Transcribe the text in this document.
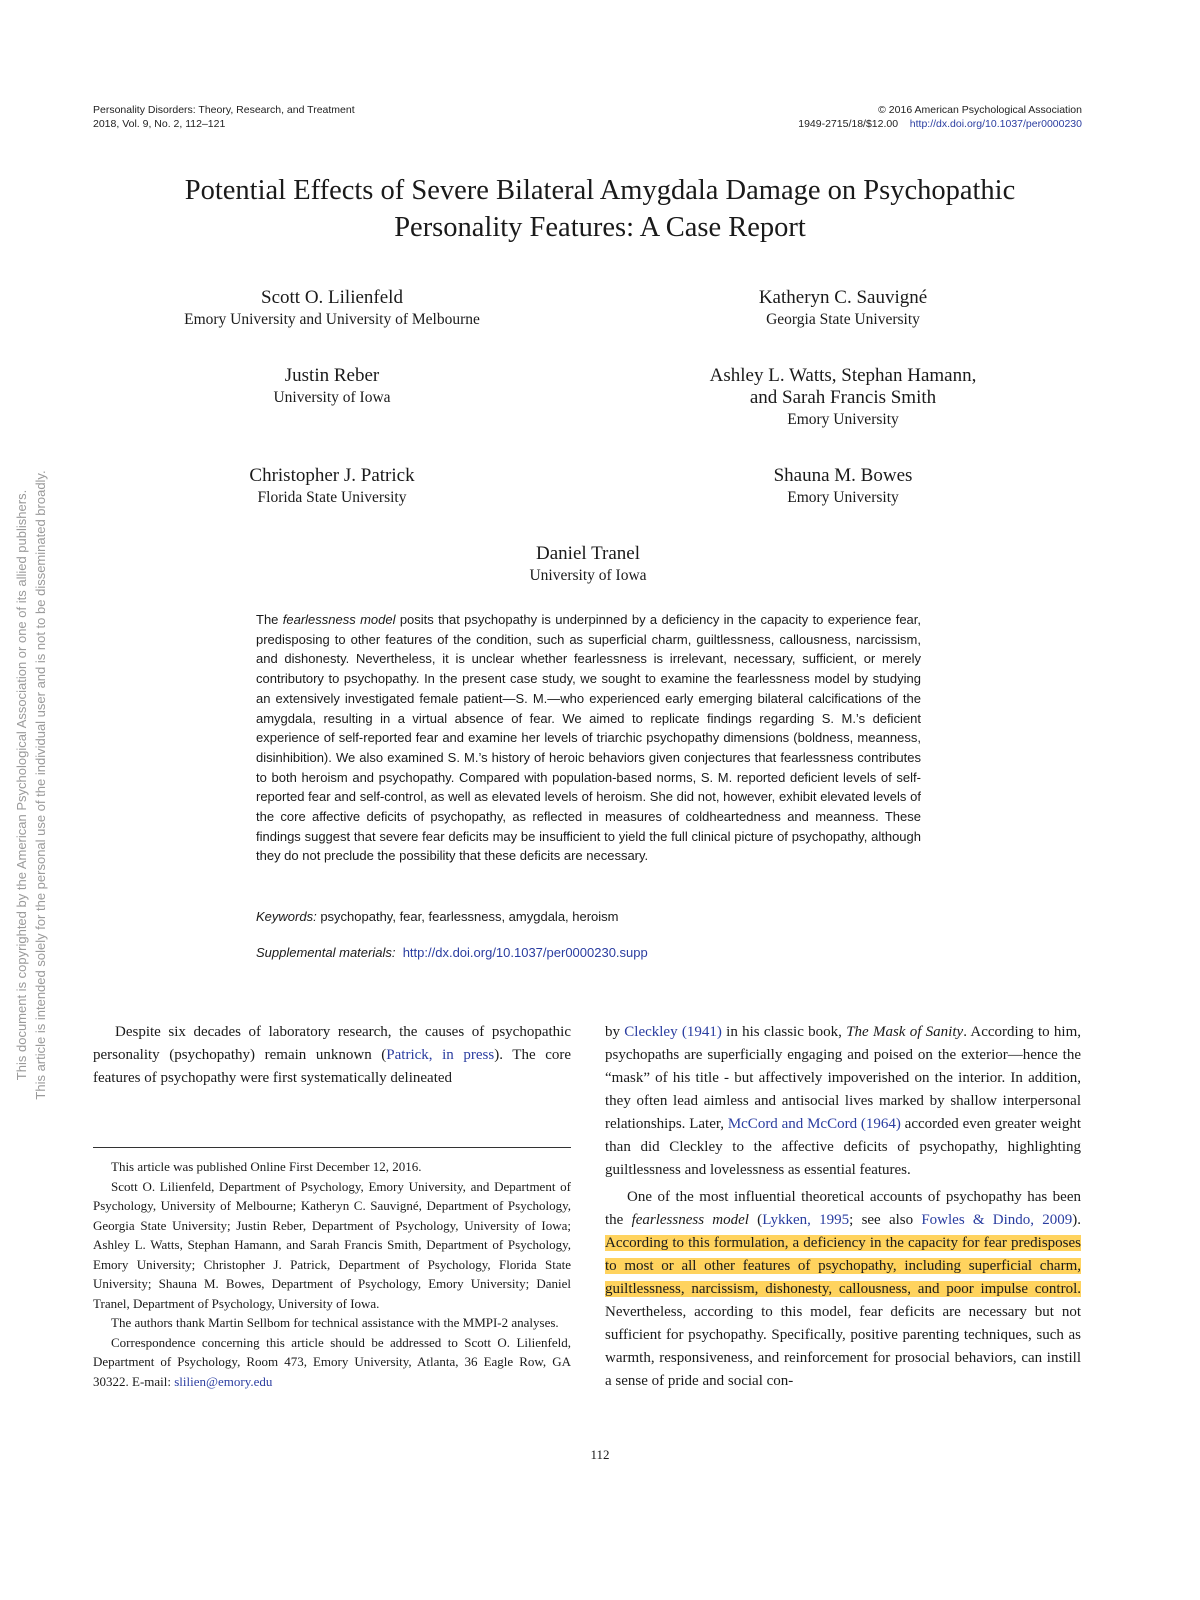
Personality Disorders: Theory, Research, and Treatment
2018, Vol. 9, No. 2, 112–121
© 2016 American Psychological Association
1949-2715/18/$12.00 http://dx.doi.org/10.1037/per0000230
This document is copyrighted by the American Psychological Association or one of its allied publishers. This article is intended solely for the personal use of the individual user and is not to be disseminated broadly.
Potential Effects of Severe Bilateral Amygdala Damage on Psychopathic
Personality Features: A Case Report
Scott O. Lilienfeld
Emory University and University of Melbourne
Katheryn C. Sauvigné
Georgia State University
Justin Reber
University of Iowa
Ashley L. Watts, Stephan Hamann,
and Sarah Francis Smith
Emory University
Christopher J. Patrick
Florida State University
Shauna M. Bowes
Emory University
Daniel Tranel
University of Iowa
The fearlessness model posits that psychopathy is underpinned by a deficiency in the capacity to experience fear, predisposing to other features of the condition, such as superficial charm, guiltlessness, callousness, narcissism, and dishonesty. Nevertheless, it is unclear whether fearlessness is irrelevant, necessary, sufficient, or merely contributory to psychopathy. In the present case study, we sought to examine the fearlessness model by studying an extensively investigated female patient—S. M.—who experienced early emerging bilateral calcifications of the amygdala, resulting in a virtual absence of fear. We aimed to replicate findings regarding S. M.’s deficient experience of self-reported fear and examine her levels of triarchic psychopathy dimensions (boldness, meanness, disinhibition). We also examined S. M.’s history of heroic behaviors given conjectures that fearlessness contributes to both heroism and psychopathy. Compared with population-based norms, S. M. reported deficient levels of self-reported fear and self-control, as well as elevated levels of heroism. She did not, however, exhibit elevated levels of the core affective deficits of psychopathy, as reflected in measures of coldheartedness and meanness. These findings suggest that severe fear deficits may be insufficient to yield the full clinical picture of psychopathy, although they do not preclude the possibility that these deficits are necessary.
Keywords: psychopathy, fear, fearlessness, amygdala, heroism
Supplemental materials: http://dx.doi.org/10.1037/per0000230.supp

Despite six decades of laboratory research, the causes of psychopathic personality (psychopathy) remain unknown (Patrick, in press). The core features of psychopathy were first systematically delineated

This article was published Online First December 12, 2016.

Scott O. Lilienfeld, Department of Psychology, Emory University, and Department of Psychology, University of Melbourne; Katheryn C. Sauvigné, Department of Psychology, Georgia State University; Justin Reber, Department of Psychology, University of Iowa; Ashley L. Watts, Stephan Hamann, and Sarah Francis Smith, Department of Psychology, Emory University; Christopher J. Patrick, Department of Psychology, Florida State University; Shauna M. Bowes, Department of Psychology, Emory University; Daniel Tranel, Department of Psychology, University of Iowa.

The authors thank Martin Sellbom for technical assistance with the MMPI-2 analyses.

Correspondence concerning this article should be addressed to Scott O. Lilienfeld, Department of Psychology, Room 473, Emory University, Atlanta, 36 Eagle Row, GA 30322. E-mail: slilien@emory.edu

by Cleckley (1941) in his classic book, The Mask of Sanity. According to him, psychopaths are superficially engaging and poised on the exterior—hence the “mask” of his title - but affectively impoverished on the interior. In addition, they often lead aimless and antisocial lives marked by shallow interpersonal relationships. Later, McCord and McCord (1964) accorded even greater weight than did Cleckley to the affective deficits of psychopathy, highlighting guiltlessness and lovelessness as essential features.

One of the most influential theoretical accounts of psychopathy has been the fearlessness model (Lykken, 1995; see also Fowles & Dindo, 2009). According to this formulation, a deficiency in the capacity for fear predisposes to most or all other features of psychopathy, including superficial charm, guiltlessness, narcissism, dishonesty, callousness, and poor impulse control. Nevertheless, according to this model, fear deficits are necessary but not sufficient for psychopathy. Specifically, positive parenting techniques, such as warmth, responsiveness, and reinforcement for prosocial behaviors, can instill a sense of pride and social con-

112
